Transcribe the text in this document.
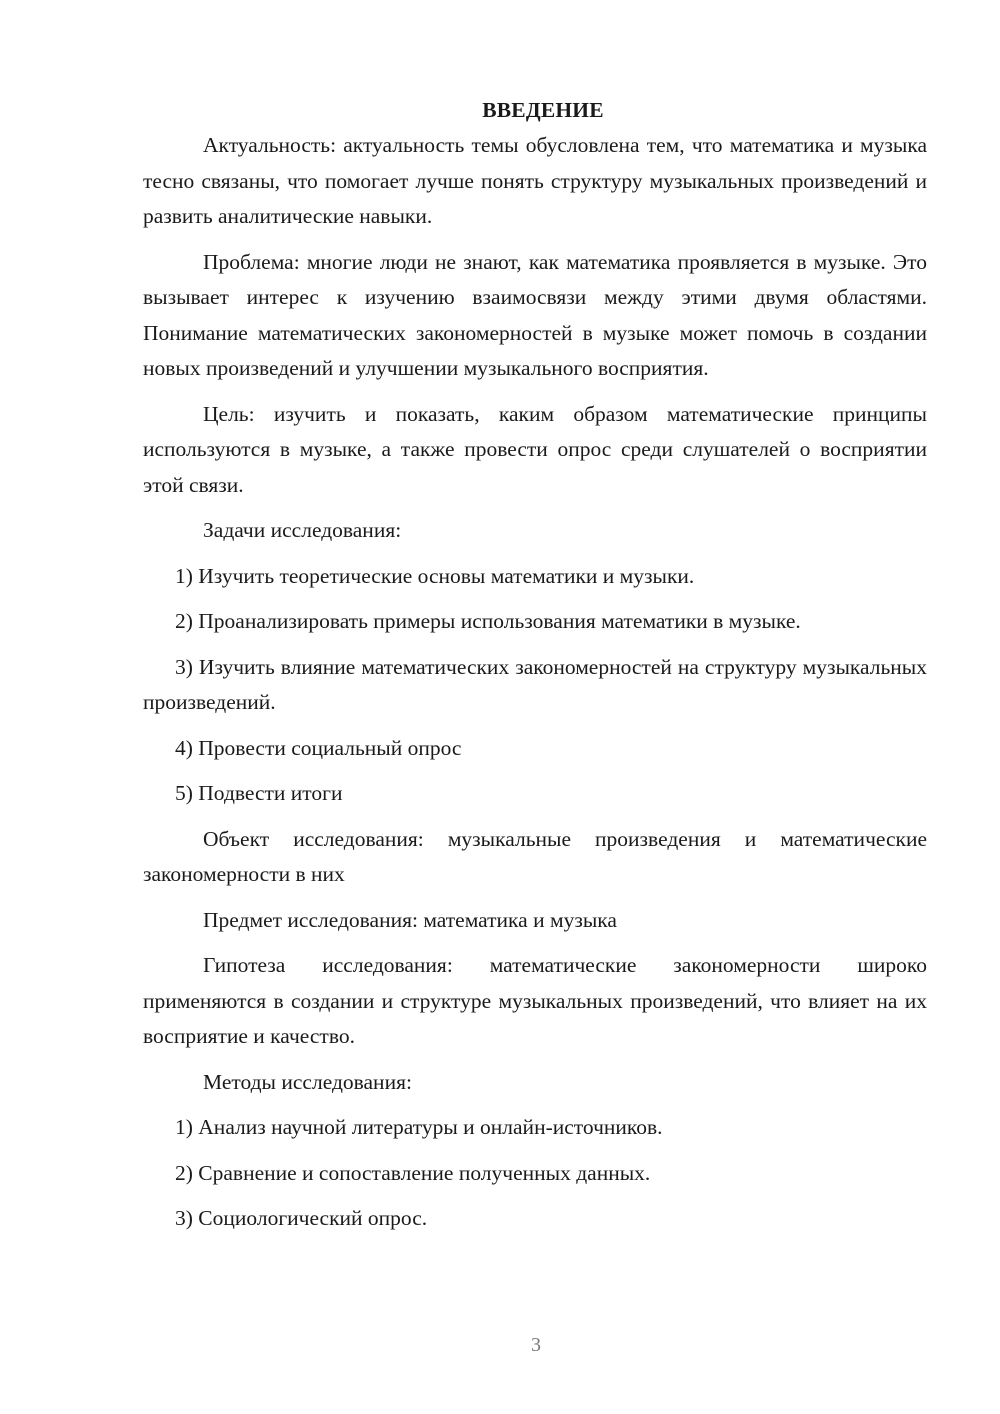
ВВЕДЕНИЕ

Актуальность: актуальность темы обусловлена тем, что математика и музыка тесно связаны, что помогает лучше понять структуру музыкальных произведений и развить аналитические навыки.

Проблема: многие люди не знают, как математика проявляется в музыке. Это вызывает интерес к изучению взаимосвязи между этими двумя областями. Понимание математических закономерностей в музыке может помочь в создании новых произведений и улучшении музыкального восприятия.

Цель: изучить и показать, каким образом математические принципы используются в музыке, а также провести опрос среди слушателей о восприятии этой связи.

Задачи исследования:

1) Изучить теоретические основы математики и музыки.

2) Проанализировать примеры использования математики в музыке.

3) Изучить влияние математических закономерностей на структуру музыкальных произведений.

4) Провести социальный опрос

5) Подвести итоги

Объект исследования: музыкальные произведения и математические закономерности в них

Предмет исследования: математика и музыка

Гипотеза исследования: математические закономерности широко применяются в создании и структуре музыкальных произведений, что влияет на их восприятие и качество.

Методы исследования:

1) Анализ научной литературы и онлайн-источников.

2) Сравнение и сопоставление полученных данных.

3) Социологический опрос.

3
